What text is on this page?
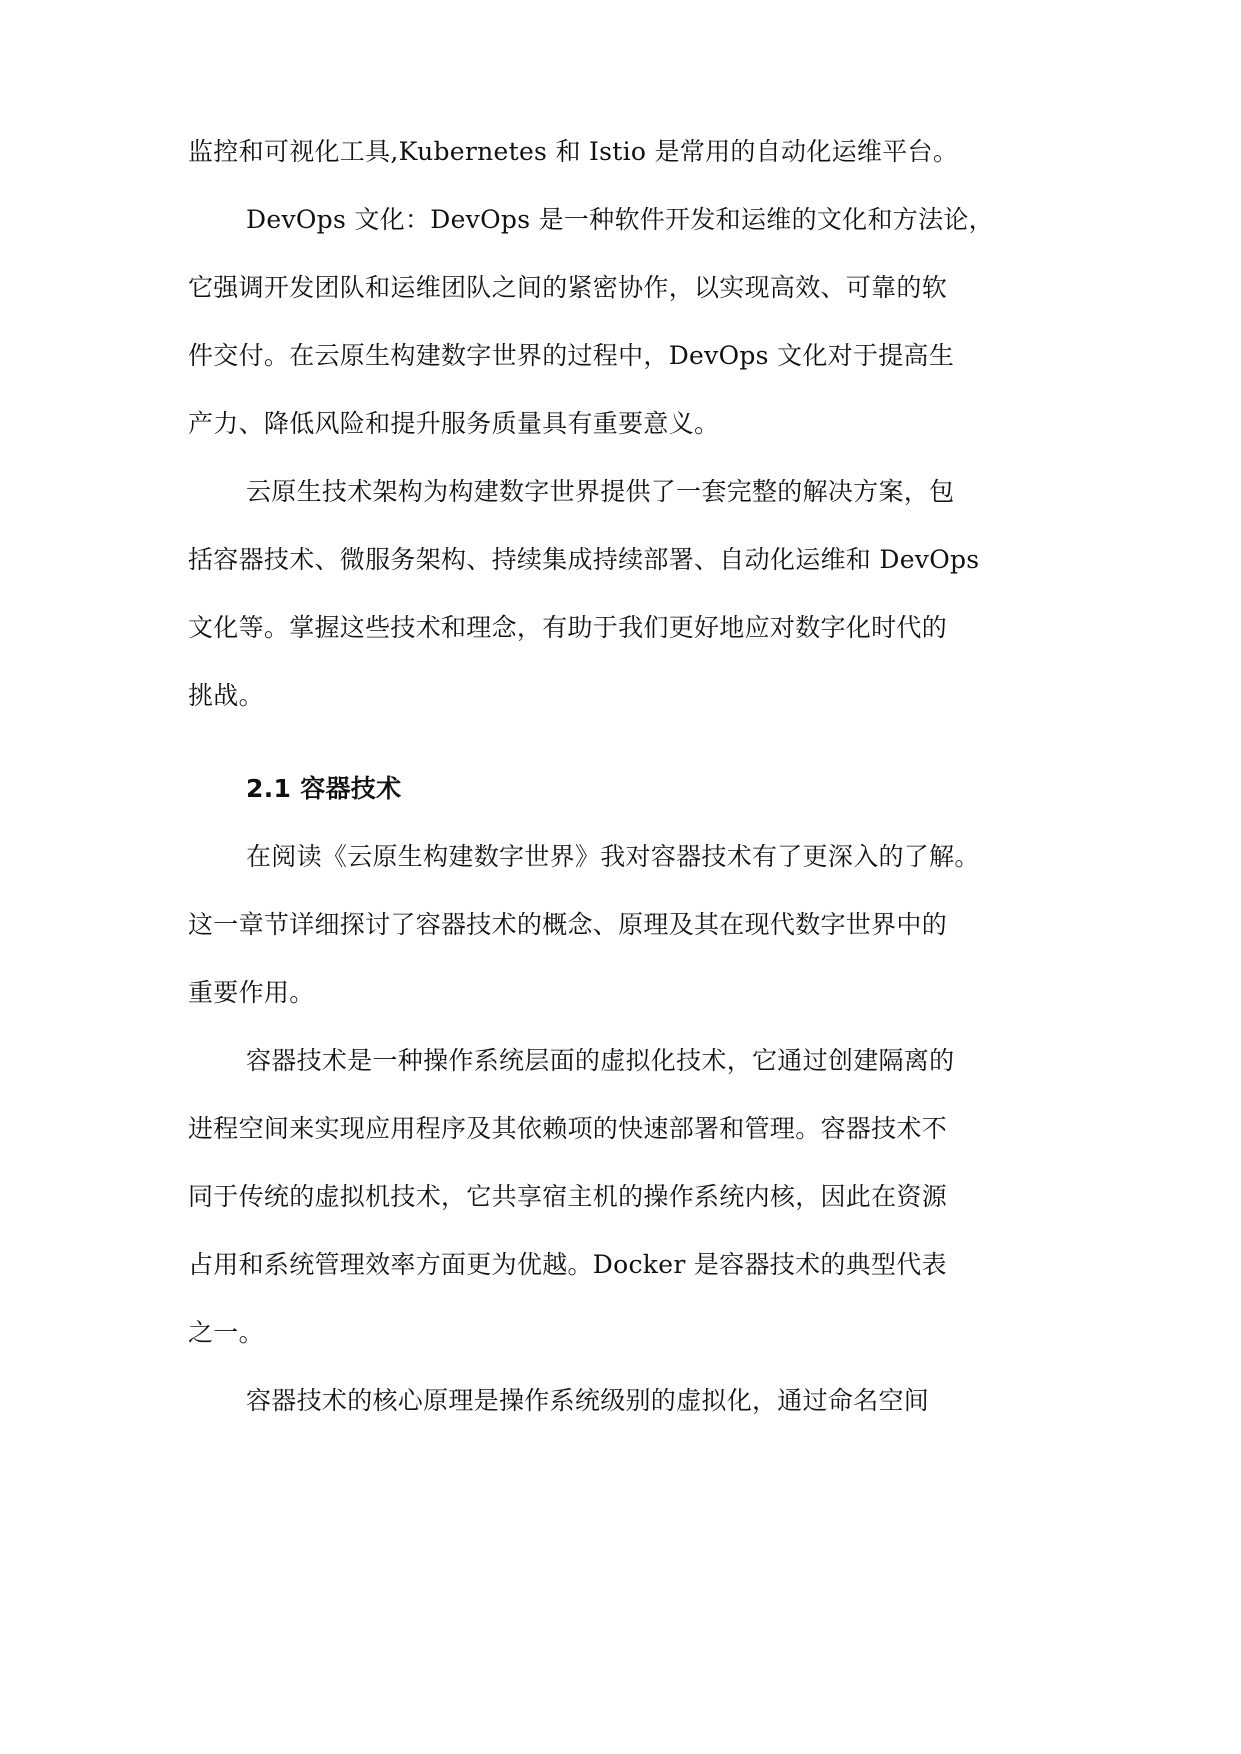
监控和可视化工具,Kubernetes 和 Istio 是常用的自动化运维平台。
DevOps 文化：DevOps 是一种软件开发和运维的文化和方法论，
它强调开发团队和运维团队之间的紧密协作，以实现高效、可靠的软
件交付。在云原生构建数字世界的过程中，DevOps 文化对于提高生
产力、降低风险和提升服务质量具有重要意义。
云原生技术架构为构建数字世界提供了一套完整的解决方案，包
括容器技术、微服务架构、持续集成持续部署、自动化运维和 DevOps
文化等。掌握这些技术和理念，有助于我们更好地应对数字化时代的
挑战。
2.1 容器技术
在阅读《云原生构建数字世界》我对容器技术有了更深入的了解。
这一章节详细探讨了容器技术的概念、原理及其在现代数字世界中的
重要作用。
容器技术是一种操作系统层面的虚拟化技术，它通过创建隔离的
进程空间来实现应用程序及其依赖项的快速部署和管理。容器技术不
同于传统的虚拟机技术，它共享宿主机的操作系统内核，因此在资源
占用和系统管理效率方面更为优越。Docker 是容器技术的典型代表
之一。
容器技术的核心原理是操作系统级别的虚拟化，通过命名空间
